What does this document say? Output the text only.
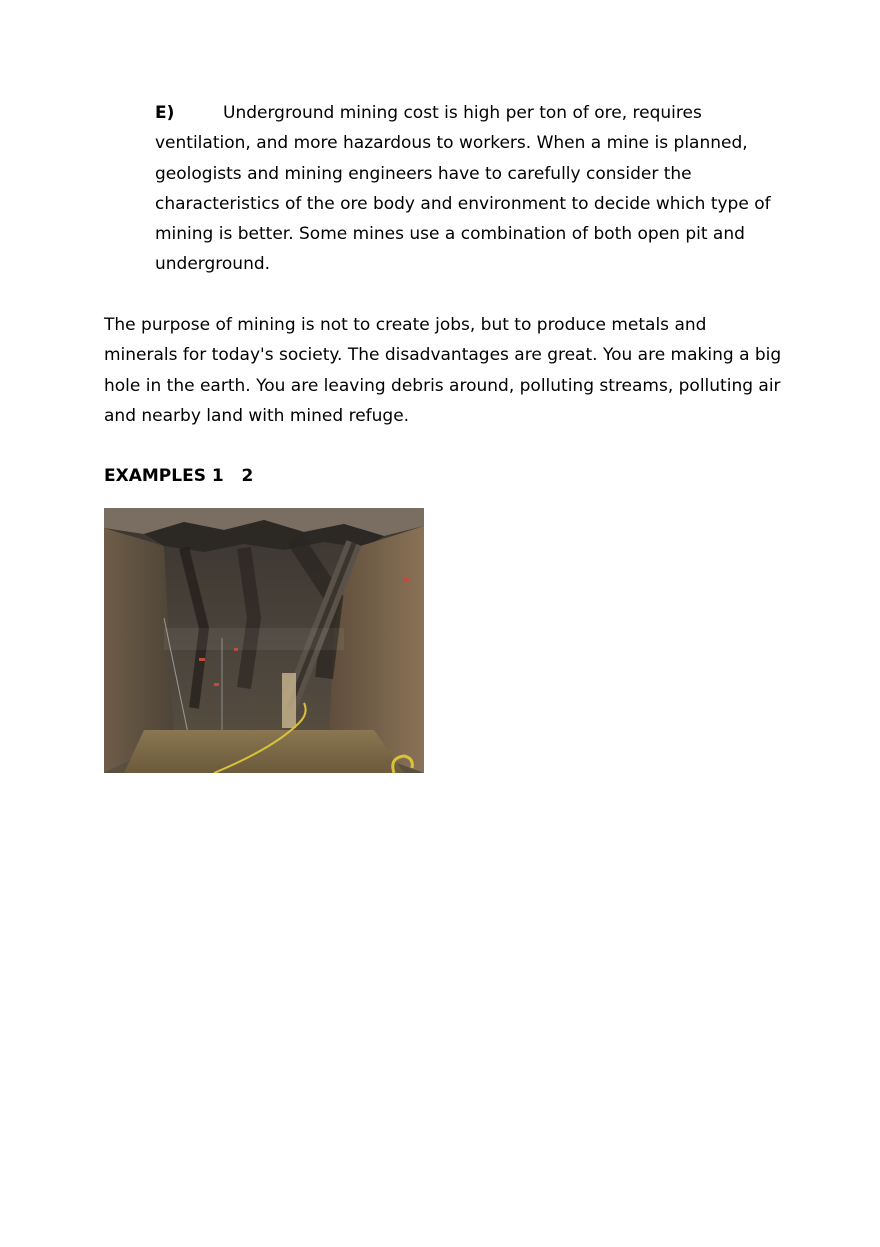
E)	Underground mining cost is high per ton of ore, requires ventilation, and more hazardous to workers. When a mine is planned, geologists and mining engineers have to carefully consider the characteristics of the ore body and environment to decide which type of mining is better. Some mines use a combination of both open pit and underground.

The purpose of mining is not to create jobs, but to produce metals and minerals for today's society. The disadvantages are great. You are making a big hole in the earth. You are leaving debris around, polluting streams, polluting air and nearby land with mined refuge.

EXAMPLES 1   2
